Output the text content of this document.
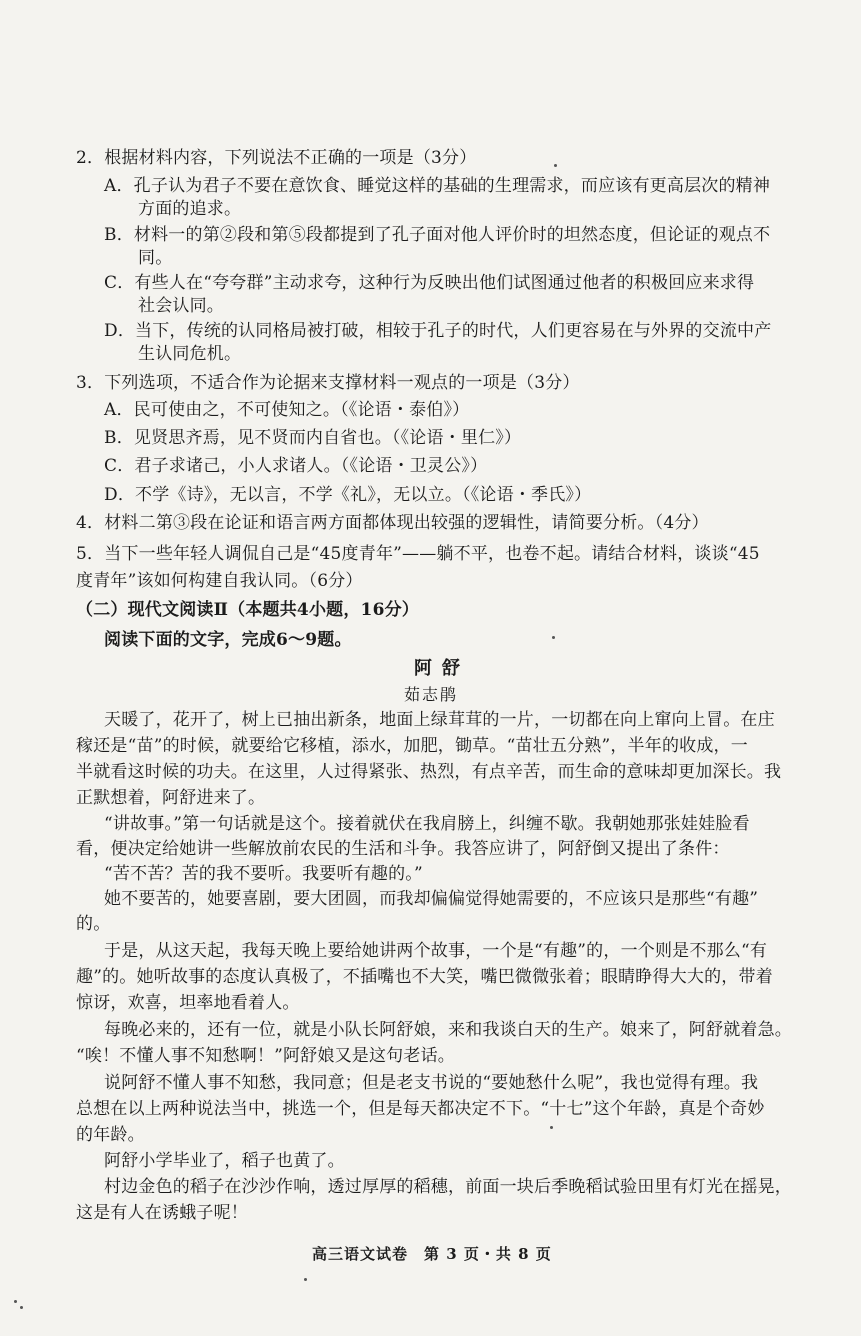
2．根据材料内容，下列说法不正确的一项是（3分）
A．孔子认为君子不要在意饮食、睡觉这样的基础的生理需求，而应该有更高层次的精神
方面的追求。
B．材料一的第②段和第⑤段都提到了孔子面对他人评价时的坦然态度，但论证的观点不
同。
C．有些人在“夸夸群”主动求夸，这种行为反映出他们试图通过他者的积极回应来求得
社会认同。
D．当下，传统的认同格局被打破，相较于孔子的时代，人们更容易在与外界的交流中产
生认同危机。
3．下列选项，不适合作为论据来支撑材料一观点的一项是（3分）
A．民可使由之，不可使知之。（《论语・泰伯》）
B．见贤思齐焉，见不贤而内自省也。（《论语・里仁》）
C．君子求诸己，小人求诸人。（《论语・卫灵公》）
D．不学《诗》，无以言，不学《礼》，无以立。（《论语・季氏》）
4．材料二第③段在论证和语言两方面都体现出较强的逻辑性，请简要分析。（4分）
5．当下一些年轻人调侃自己是“45度青年”——躺不平，也卷不起。请结合材料，谈谈“45
度青年”该如何构建自我认同。（6分）
（二）现代文阅读Ⅱ（本题共4小题，16分）
阅读下面的文字，完成6～9题。
阿舒
茹志鹃
天暖了，花开了，树上已抽出新条，地面上绿茸茸的一片，一切都在向上窜向上冒。在庄
稼还是“苗”的时候，就要给它移植，添水，加肥，锄草。“苗壮五分熟”，半年的收成，一
半就看这时候的功夫。在这里，人过得紧张、热烈，有点辛苦，而生命的意味却更加深长。我
正默想着，阿舒进来了。
“讲故事。”第一句话就是这个。接着就伏在我肩膀上，纠缠不歇。我朝她那张娃娃脸看
看，便决定给她讲一些解放前农民的生活和斗争。我答应讲了，阿舒倒又提出了条件：
“苦不苦？苦的我不要听。我要听有趣的。”
她不要苦的，她要喜剧，要大团圆，而我却偏偏觉得她需要的，不应该只是那些“有趣”
的。
于是，从这天起，我每天晚上要给她讲两个故事，一个是“有趣”的，一个则是不那么“有
趣”的。她听故事的态度认真极了，不插嘴也不大笑，嘴巴微微张着；眼睛睁得大大的，带着
惊讶，欢喜，坦率地看着人。
每晚必来的，还有一位，就是小队长阿舒娘，来和我谈白天的生产。娘来了，阿舒就着急。
“唉！不懂人事不知愁啊！”阿舒娘又是这句老话。
说阿舒不懂人事不知愁，我同意；但是老支书说的“要她愁什么呢”，我也觉得有理。我
总想在以上两种说法当中，挑选一个，但是每天都决定不下。“十七”这个年龄，真是个奇妙
的年龄。
阿舒小学毕业了，稻子也黄了。
村边金色的稻子在沙沙作响，透过厚厚的稻穗，前面一块后季晚稻试验田里有灯光在摇晃，
这是有人在诱蛾子呢！
高三语文试卷　第 3 页・共 8 页
